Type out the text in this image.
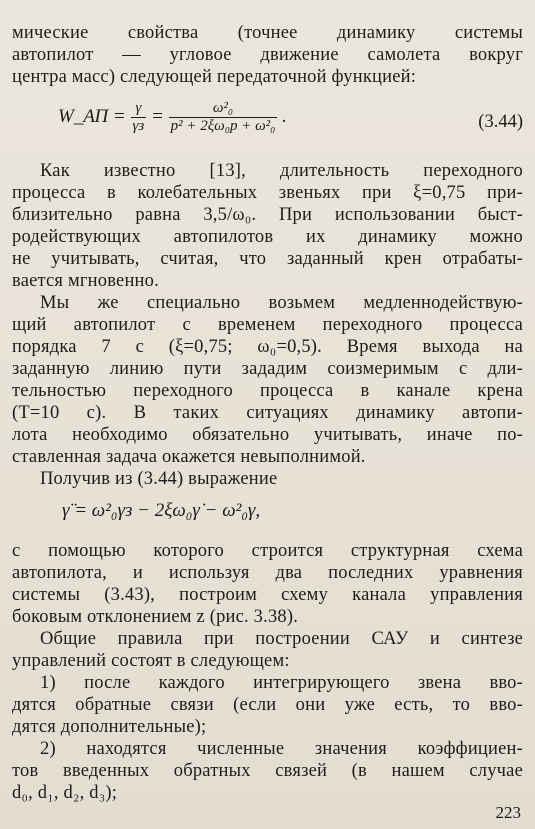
мические свойства (точнее динамику системы
автопилот — угловое движение самолета вокруг
центра масс) следующей передаточной функцией:
W_АП = $\frac{\gamma}{\gamma з} = \frac{\text{ω²₀}}{\text{p² + 2ξω₀p + ω²₀}}$ .	(3.44)
Как известно [13], длительность переходного
процесса в колебательных звеньях при ξ=0,75 при-
близительно равна 3,5/ω₀. При использовании быст-
родействующих автопилотов их динамику можно
не учитывать, считая, что заданный крен отрабаты-
вается мгновенно.
Мы же специально возьмем медленнодействую-
щий автопилот с временем переходного процесса
порядка 7 с (ξ=0,75; ω₀=0,5). Время выхода на
заданную линию пути зададим соизмеримым с дли-
тельностью переходного процесса в канале крена
(T=10 с). В таких ситуациях динамику автопи-
лота необходимо обязательно учитывать, иначе по-
ставленная задача окажется невыполнимой.
Получив из (3.44) выражение
γ̈ = ω²₀γз − 2ξω₀γ̇ − ω²₀γ,
с помощью которого строится структурная схема
автопилота, и используя два последних уравнения
системы (3.43), построим схему канала управления
боковым отклонением z (рис. 3.38).
Общие правила при построении САУ и синтезе
управлений состоят в следующем:
1) после каждого интегрирующего звена вво-
дятся обратные связи (если они уже есть, то вво-
дятся дополнительные);
2) находятся численные значения коэффициен-
тов введенных обратных связей (в нашем случае
d₀, d₁, d₂, d₃);
223
